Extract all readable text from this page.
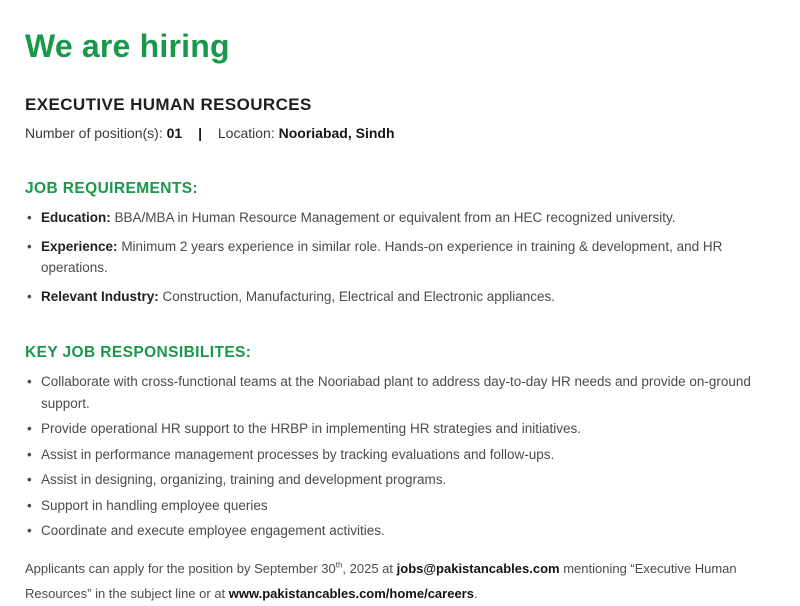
We are hiring
EXECUTIVE HUMAN RESOURCES
Number of position(s): 01 | Location: Nooriabad, Sindh
JOB REQUIREMENTS:
• Education: BBA/MBA in Human Resource Management or equivalent from an HEC recognized university.
• Experience: Minimum 2 years experience in similar role. Hands-on experience in training & development, and HR operations.
• Relevant Industry: Construction, Manufacturing, Electrical and Electronic appliances.
KEY JOB RESPONSIBILITES:
• Collaborate with cross-functional teams at the Nooriabad plant to address day-to-day HR needs and provide on-ground support.
• Provide operational HR support to the HRBP in implementing HR strategies and initiatives.
• Assist in performance management processes by tracking evaluations and follow-ups.
• Assist in designing, organizing, training and development programs.
• Support in handling employee queries
• Coordinate and execute employee engagement activities.

Applicants can apply for the position by September 30th, 2025 at jobs@pakistancables.com mentioning “Executive Human Resources” in the subject line or at www.pakistancables.com/home/careers.
